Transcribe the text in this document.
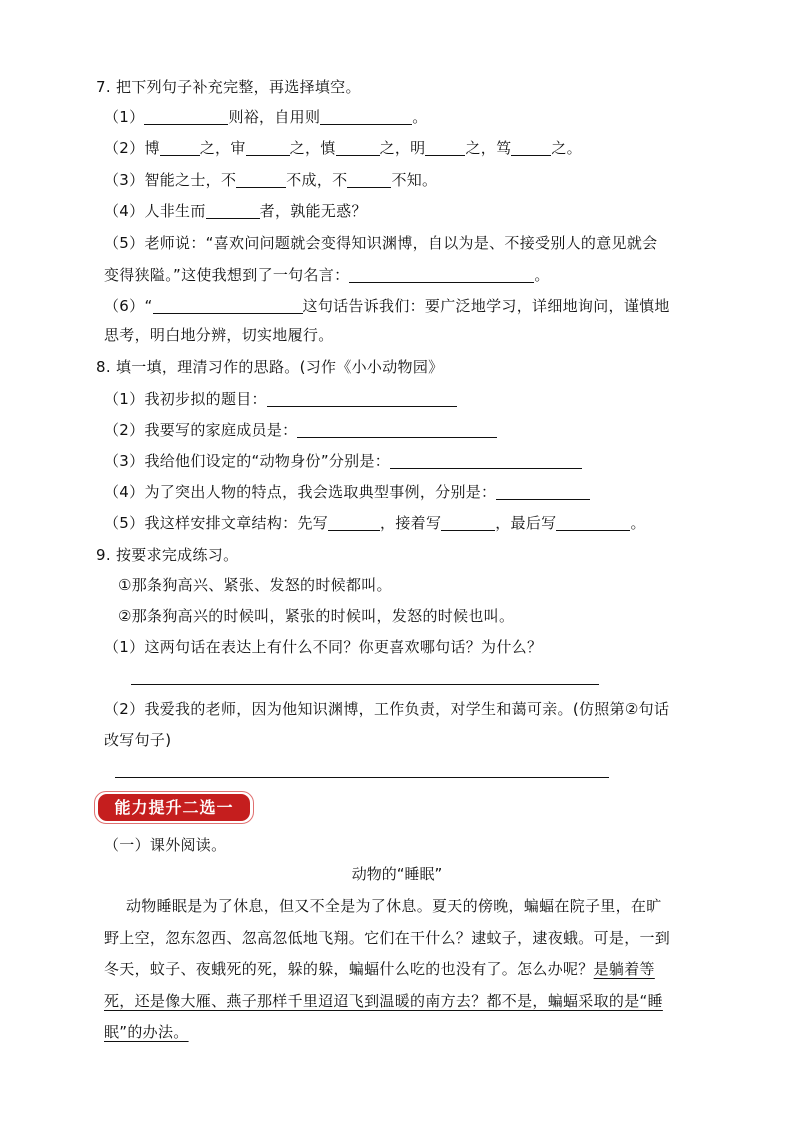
7. 把下列句子补充完整，再选择填空。
（1）	则裕，自用则	。
（2）博	之，审	之，慎	之，明	之，笃	之。
（3）智能之士，不	不成，不	不知。
（4）人非生而	者，孰能无惑？
（5）老师说：“喜欢问问题就会变得知识渊博，自以为是、不接受别人的意见就会
变得狭隘。”这使我想到了一句名言：	。
（6）“	这句话告诉我们：要广泛地学习，详细地询问，谨慎地
思考，明白地分辨，切实地履行。
8. 填一填，理清习作的思路。(习作《小小动物园》
（1）我初步拟的题目：
（2）我要写的家庭成员是：
（3）我给他们设定的“动物身份”分别是：
（4）为了突出人物的特点，我会选取典型事例，分别是：
（5）我这样安排文章结构：先写	，接着写	，最后写	。
9. 按要求完成练习。
①那条狗高兴、紧张、发怒的时候都叫。
②那条狗高兴的时候叫，紧张的时候叫，发怒的时候也叫。
（1）这两句话在表达上有什么不同？你更喜欢哪句话？为什么？
（2）我爱我的老师，因为他知识渊博，工作负责，对学生和蔼可亲。(仿照第②句话
改写句子)
能力提升二选一
（一）课外阅读。
动物的“睡眠”
动物睡眠是为了休息，但又不全是为了休息。夏天的傍晚，蝙蝠在院子里，在旷
野上空，忽东忽西、忽高忽低地飞翔。它们在干什么？逮蚊子，逮夜蛾。可是，一到
冬天，蚊子、夜蛾死的死，躲的躲，蝙蝠什么吃的也没有了。怎么办呢？是躺着等
死，还是像大雁、燕子那样千里迢迢飞到温暖的南方去？都不是，蝙蝠采取的是“睡
眠”的办法。
